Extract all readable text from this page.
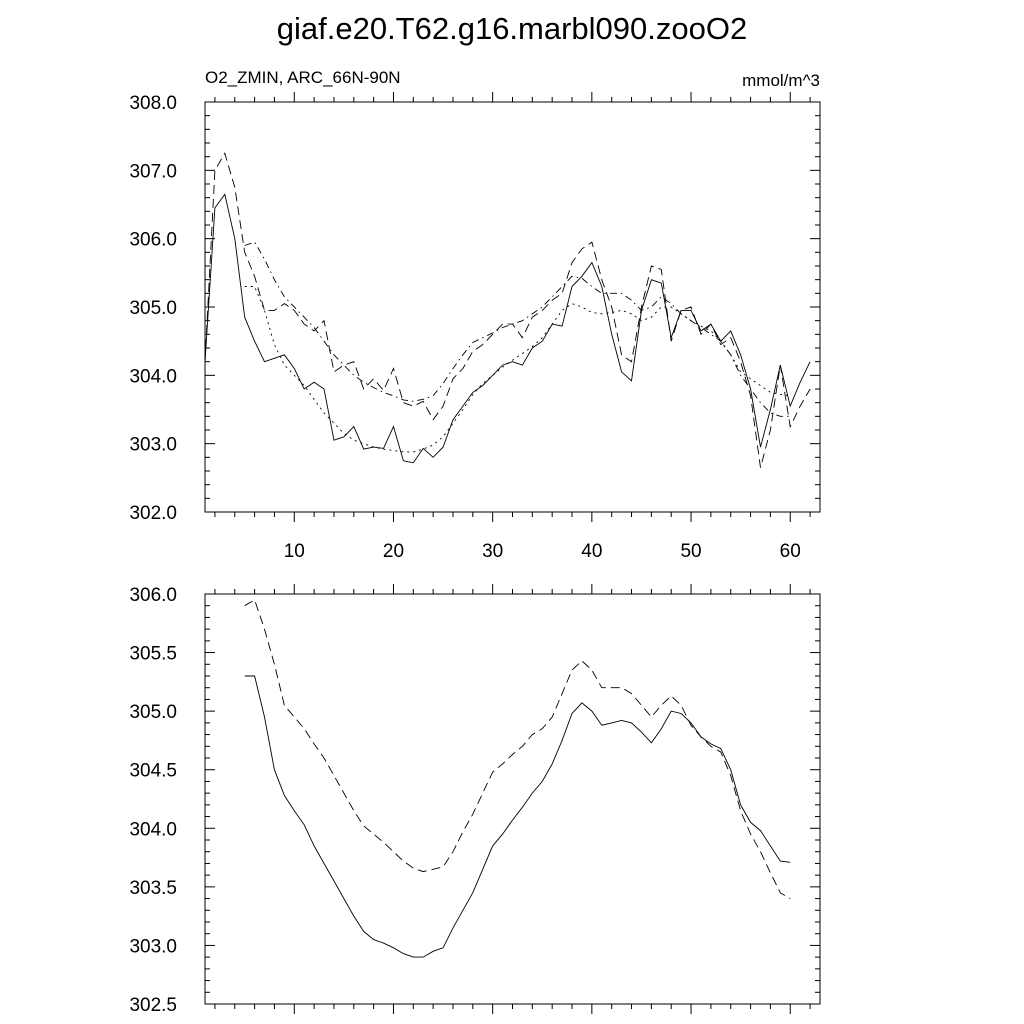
giaf.e20.T62.g16.marbl090.zooO2
O2_ZMIN, ARC_66N-90N	mmol/m^3
302.0
303.0
304.0
305.0
306.0
307.0
308.0
10	20	30	40	50	60
302.5
303.0
303.5
304.0
304.5
305.0
305.5
306.0
